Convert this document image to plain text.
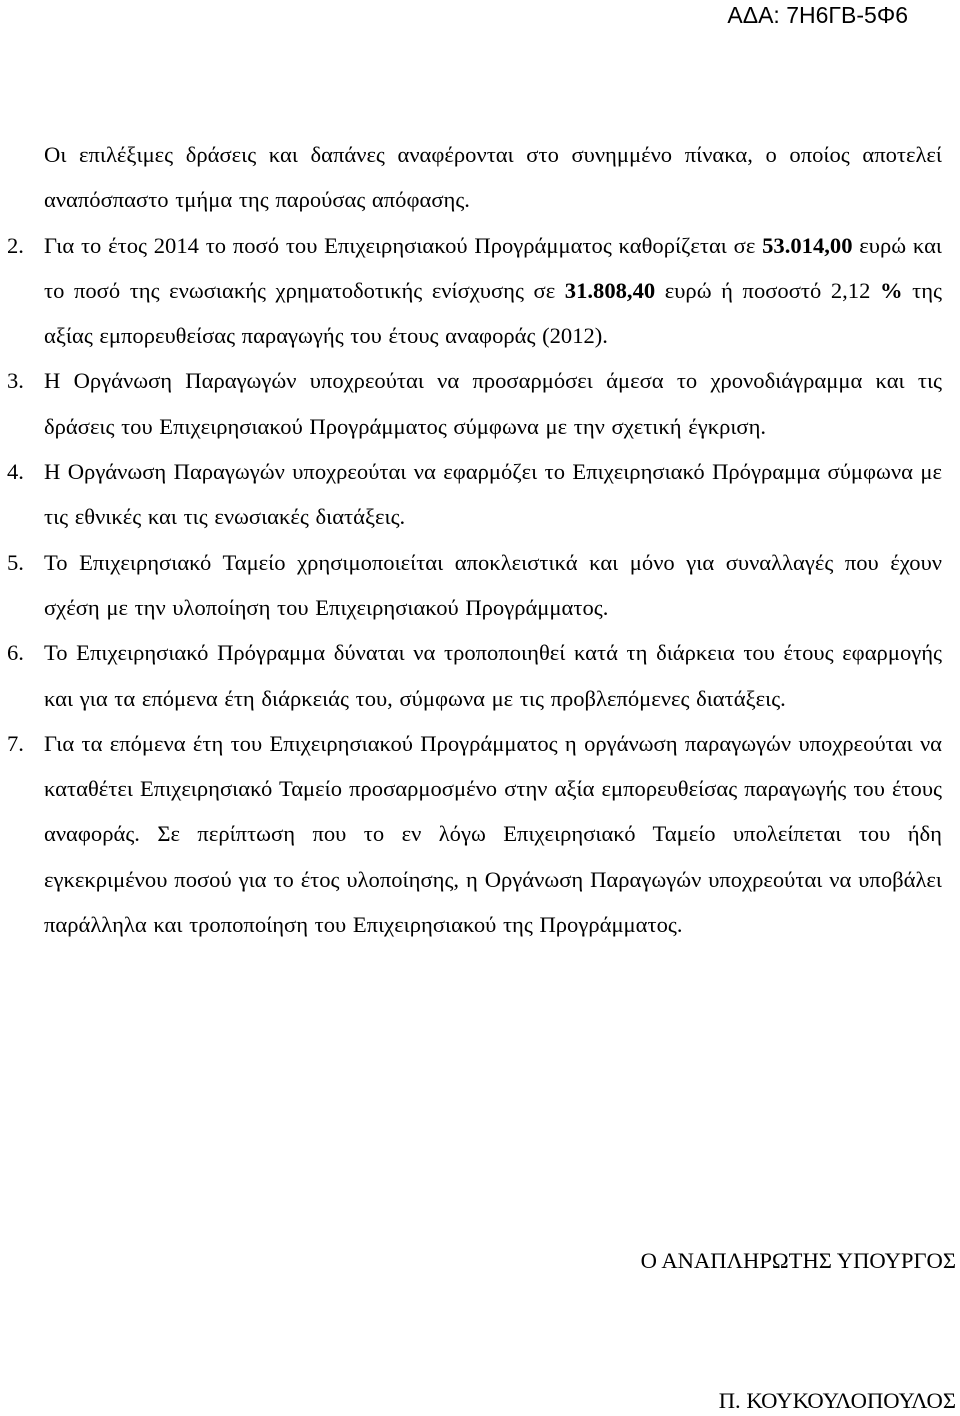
ΑΔΑ: 7Η6ΓΒ-5Φ6

Οι επιλέξιμες δράσεις και δαπάνες αναφέρονται στο συνημμένο πίνακα, ο οποίος αποτελεί αναπόσπαστο τμήμα της παρούσας απόφασης.

2. Για το έτος 2014 το ποσό του Επιχειρησιακού Προγράμματος καθορίζεται σε 53.014,00 ευρώ και το ποσό της ενωσιακής χρηματοδοτικής ενίσχυσης σε 31.808,40 ευρώ ή ποσοστό 2,12 % της αξίας εμπορευθείσας παραγωγής του έτους αναφοράς (2012).
3. Η Οργάνωση Παραγωγών υποχρεούται να προσαρμόσει άμεσα το χρονοδιάγραμμα και τις δράσεις του Επιχειρησιακού Προγράμματος σύμφωνα με την σχετική έγκριση.
4. Η Οργάνωση Παραγωγών υποχρεούται να εφαρμόζει το Επιχειρησιακό Πρόγραμμα σύμφωνα με τις εθνικές και τις ενωσιακές διατάξεις.
5. Το Επιχειρησιακό Ταμείο χρησιμοποιείται αποκλειστικά και μόνο για συναλλαγές που έχουν σχέση με την υλοποίηση του Επιχειρησιακού Προγράμματος.
6. Το Επιχειρησιακό Πρόγραμμα δύναται να τροποποιηθεί κατά τη διάρκεια του έτους εφαρμογής και για τα επόμενα έτη διάρκειάς του, σύμφωνα με τις προβλεπόμενες διατάξεις.
7. Για τα επόμενα έτη του Επιχειρησιακού Προγράμματος η οργάνωση παραγωγών υποχρεούται να καταθέτει Επιχειρησιακό Ταμείο προσαρμοσμένο στην αξία εμπορευθείσας παραγωγής του έτους αναφοράς. Σε περίπτωση που το εν λόγω Επιχειρησιακό Ταμείο υπολείπεται του ήδη εγκεκριμένου ποσού για το έτος υλοποίησης, η Οργάνωση Παραγωγών υποχρεούται να υποβάλει παράλληλα και τροποποίηση του Επιχειρησιακού της Προγράμματος.
Ο ΑΝΑΠΛΗΡΩΤΗΣ ΥΠΟΥΡΓΟΣ
Π. ΚΟΥΚΟΥΛΟΠΟΥΛΟΣ
